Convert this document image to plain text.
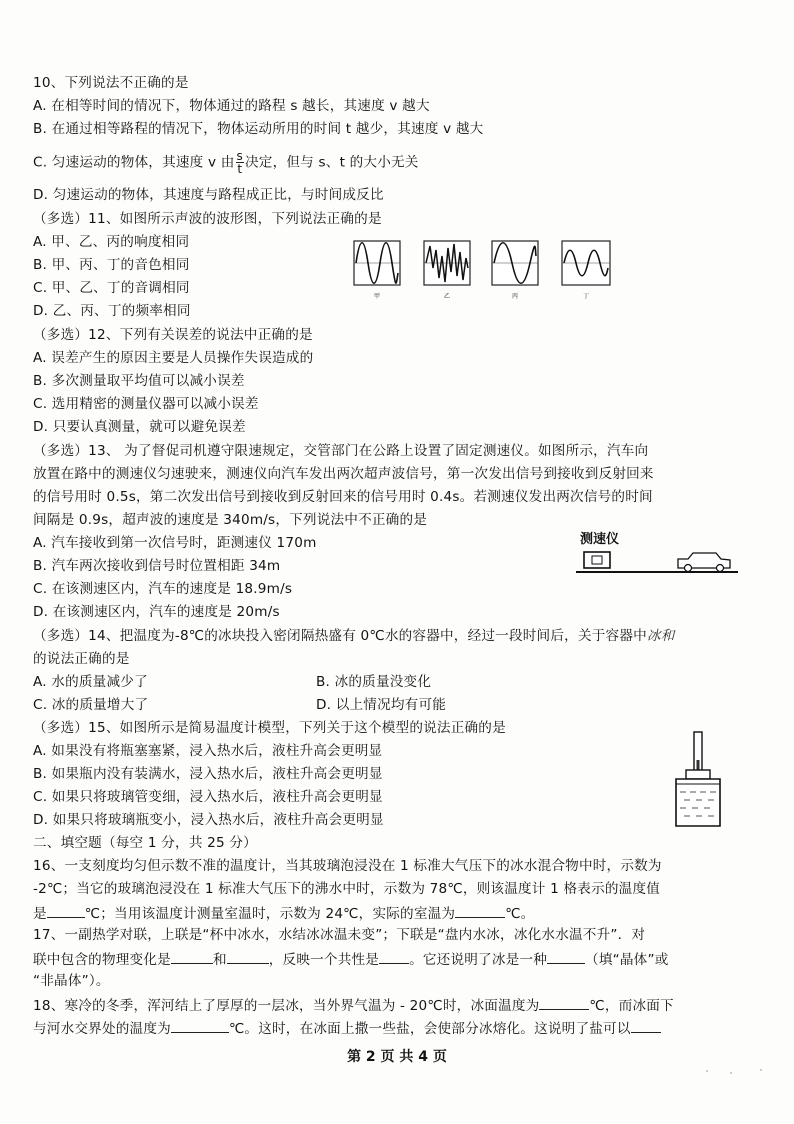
10、下列说法不正确的是
A. 在相等时间的情况下，物体通过的路程 s 越长，其速度 v 越大
B. 在通过相等路程的情况下，物体运动所用的时间 t 越少，其速度 v 越大
C. 匀速运动的物体，其速度 v 由 $\frac{s}{t}$ 决定，但与 s、t 的大小无关
D. 匀速运动的物体，其速度与路程成正比，与时间成反比
（多选）11、如图所示声波的波形图，下列说法正确的是
A. 甲、乙、丙的响度相同
B. 甲、丙、丁的音色相同
C. 甲、乙、丁的音调相同
D. 乙、丙、丁的频率相同
甲	乙	丙	丁
（多选）12、下列有关误差的说法中正确的是
A. 误差产生的原因主要是人员操作失误造成的
B. 多次测量取平均值可以减小误差
C. 选用精密的测量仪器可以减小误差
D. 只要认真测量，就可以避免误差
（多选）13、 为了督促司机遵守限速规定，交管部门在公路上设置了固定测速仪。如图所示，汽车向
放置在路中的测速仪匀速驶来，测速仪向汽车发出两次超声波信号，第一次发出信号到接收到反射回来
的信号用时 0.5s，第二次发出信号到接收到反射回来的信号用时 0.4s。若测速仪发出两次信号的时间
间隔是 0.9s，超声波的速度是 340m/s，下列说法中不正确的是
A. 汽车接收到第一次信号时，距测速仪 170m
B. 汽车两次接收到信号时位置相距 34m
C. 在该测速区内，汽车的速度是 18.9m/s
D. 在该测速区内，汽车的速度是 20m/s
测速仪
（多选）14、把温度为-8℃的冰块投入密闭隔热盛有 0℃水的容器中，经过一段时间后，关于容器中冰和
的说法正确的是
A. 水的质量减少了	B. 冰的质量没变化
C. 冰的质量增大了	D. 以上情况均有可能
（多选）15、如图所示是简易温度计模型，下列关于这个模型的说法正确的是
A. 如果没有将瓶塞塞紧，浸入热水后，液柱升高会更明显
B. 如果瓶内没有装满水，浸入热水后，液柱升高会更明显
C. 如果只将玻璃管变细，浸入热水后，液柱升高会更明显
D. 如果只将玻璃瓶变小，浸入热水后，液柱升高会更明显
二、填空题（每空 1 分，共 25 分）
16、一支刻度均匀但示数不准的温度计，当其玻璃泡浸没在 1 标准大气压下的冰水混合物中时，示数为
-2℃；当它的玻璃泡浸没在 1 标准大气压下的沸水中时，示数为 78℃，则该温度计 1 格表示的温度值
是	℃；当用该温度计测量室温时，示数为 24℃，实际的室温为	℃。
17、一副热学对联，上联是“杯中冰水，水结冰冰温未变”；下联是“盘内水冰，冰化水水温不升”．对
联中包含的物理变化是	和	，反映一个共性是 。它还说明了冰是一种	（填“晶体”或
“非晶体”）。
18、寒冷的冬季，浑河结上了厚厚的一层冰，当外界气温为 - 20℃时，冰面温度为	℃，而冰面下
与河水交界处的温度为	℃。这时，在冰面上撒一些盐，会使部分冰熔化。这说明了盐可以
第 2 页 共 4 页
